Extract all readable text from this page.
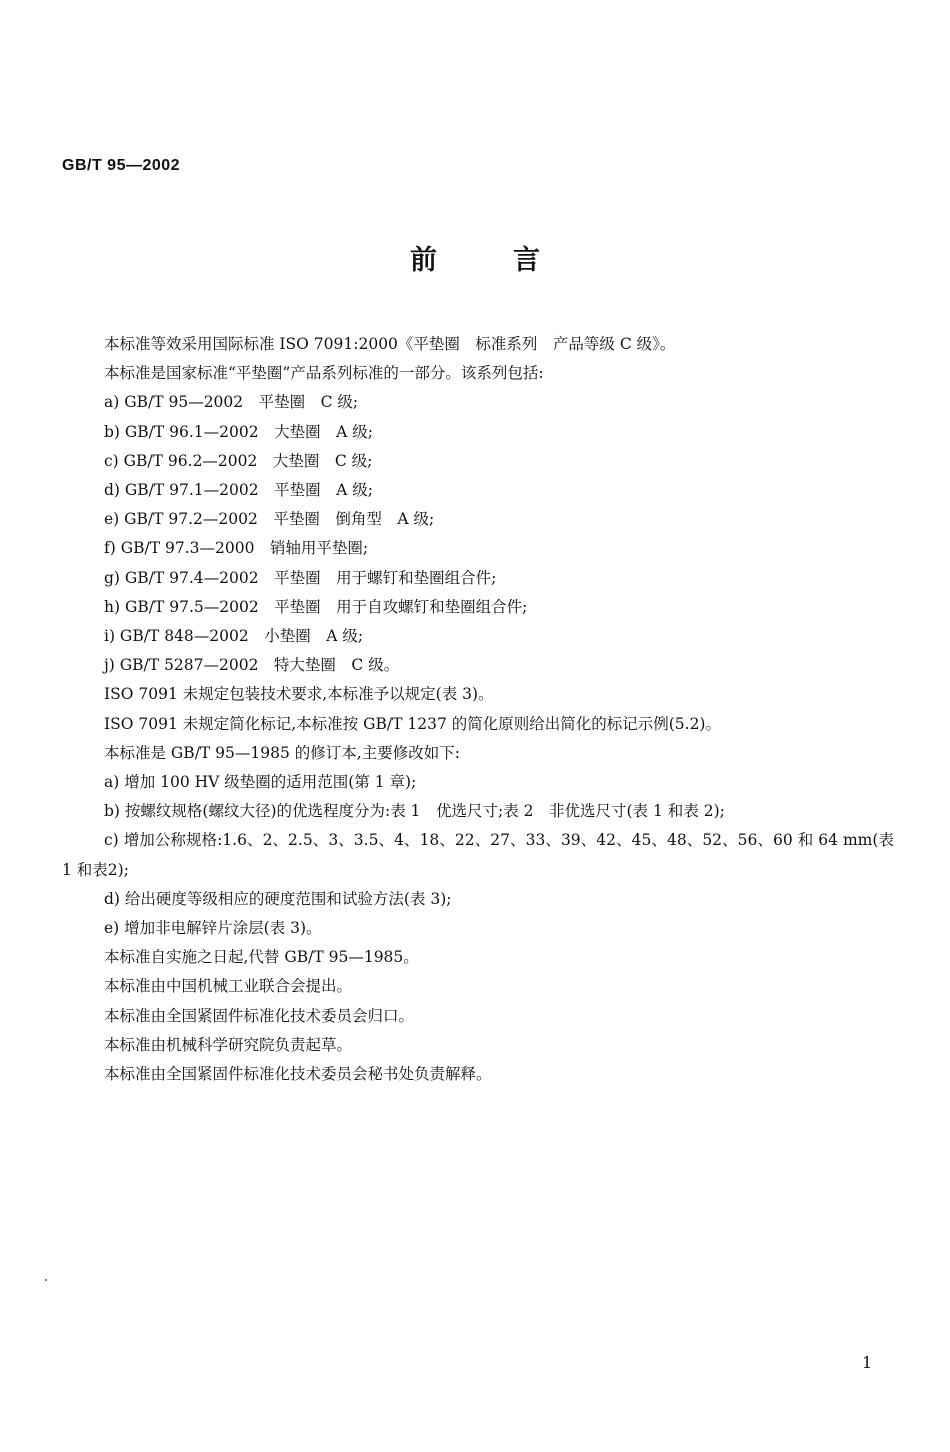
GB/T 95—2002
前言
本标准等效采用国际标准 ISO 7091:2000《平垫圈　标准系列　产品等级 C 级》。
本标准是国家标准“平垫圈”产品系列标准的一部分。该系列包括:
a) GB/T 95—2002　平垫圈　C 级;
b) GB/T 96.1—2002　大垫圈　A 级;
c) GB/T 96.2—2002　大垫圈　C 级;
d) GB/T 97.1—2002　平垫圈　A 级;
e) GB/T 97.2—2002　平垫圈　倒角型　A 级;
f) GB/T 97.3—2000　销轴用平垫圈;
g) GB/T 97.4—2002　平垫圈　用于螺钉和垫圈组合件;
h) GB/T 97.5—2002　平垫圈　用于自攻螺钉和垫圈组合件;
i) GB/T 848—2002　小垫圈　A 级;
j) GB/T 5287—2002　特大垫圈　C 级。
ISO 7091 未规定包装技术要求,本标准予以规定(表 3)。
ISO 7091 未规定简化标记,本标准按 GB/T 1237 的简化原则给出简化的标记示例(5.2)。
本标准是 GB/T 95—1985 的修订本,主要修改如下:
a) 增加 100 HV 级垫圈的适用范围(第 1 章);
b) 按螺纹规格(螺纹大径)的优选程度分为:表 1　优选尺寸;表 2　非优选尺寸(表 1 和表 2);
c) 增加公称规格:1.6、2、2.5、3、3.5、4、18、22、27、33、39、42、45、48、52、56、60 和 64 mm(表 1 和表2);
d) 给出硬度等级相应的硬度范围和试验方法(表 3);
e) 增加非电解锌片涂层(表 3)。
本标准自实施之日起,代替 GB/T 95—1985。
本标准由中国机械工业联合会提出。
本标准由全国紧固件标准化技术委员会归口。
本标准由机械科学研究院负责起草。
本标准由全国紧固件标准化技术委员会秘书处负责解释。
1
